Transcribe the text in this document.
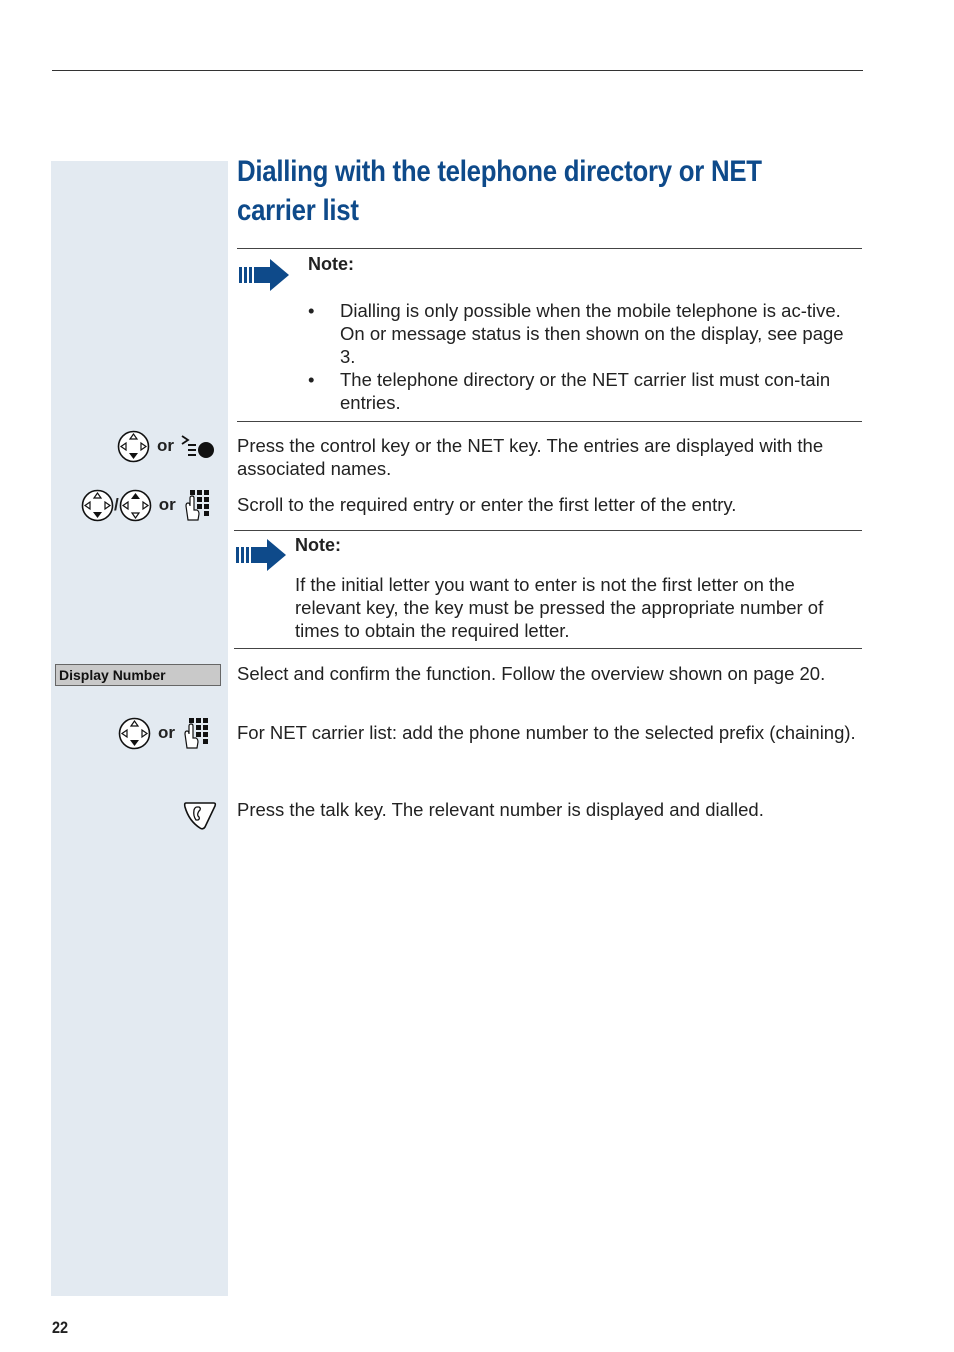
Dialling with the telephone directory or NET carrier list
Note:
• Dialling is only possible when the mobile telephone is ac-tive. On or message status is then shown on the display, see page 3.
• The telephone directory or the NET carrier list must con-tain entries.
or	Press the control key or the NET key. The entries are displayed with the associated names.

/ or	Scroll to the required entry or enter the first letter of the entry.

Note:

If the initial letter you want to enter is not the first letter on the relevant key, the key must be pressed the appropriate number of times to obtain the required letter.

Display Number	Select and confirm the function. Follow the overview shown on page 20.

or	For NET carrier list: add the phone number to the selected prefix (chaining).

Press the talk key. The relevant number is displayed and dialled.

22
